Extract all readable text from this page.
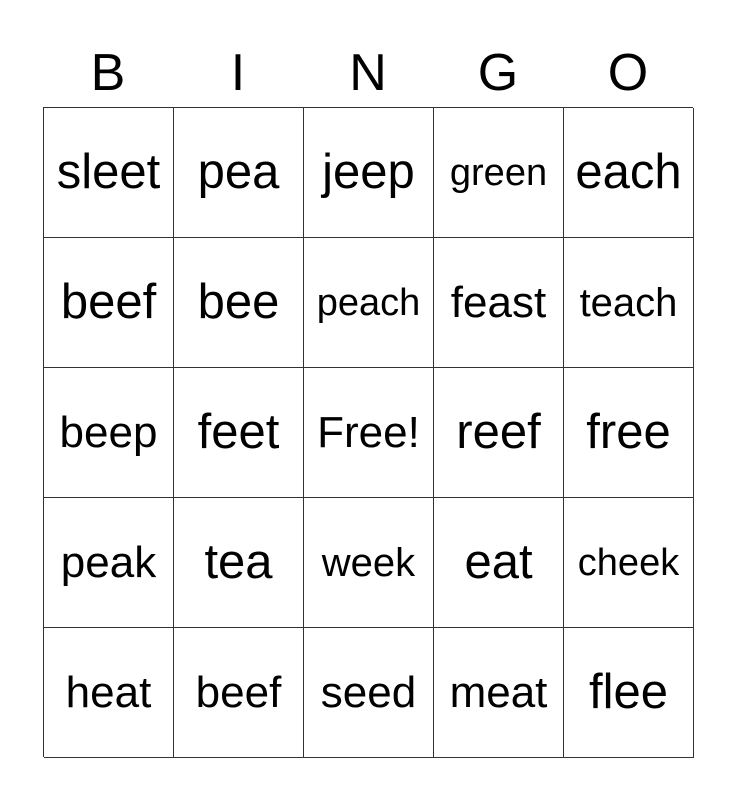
B	I	N	G	O
sleet pea jeep green each
beef bee peach feast teach
beep feet Free! reef free
peak tea	week	eat	cheek
heat	beef seed meat flee
